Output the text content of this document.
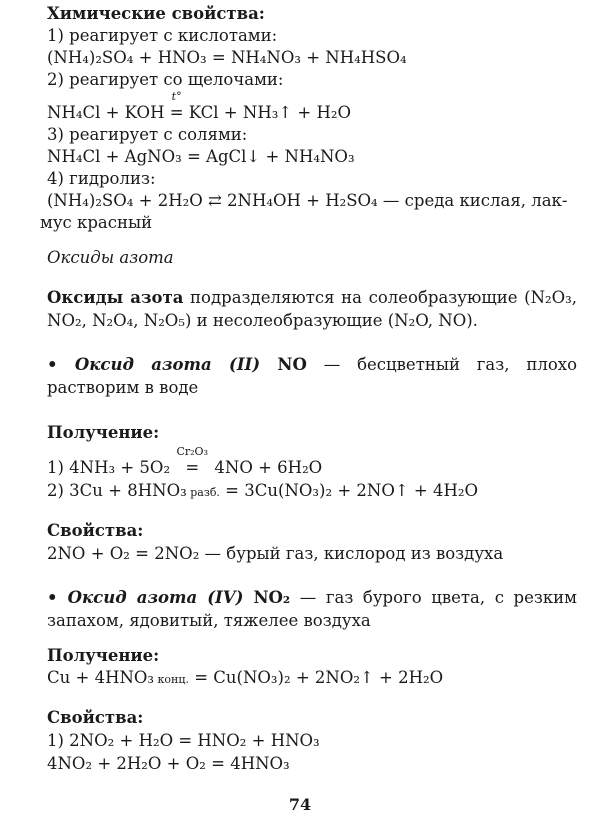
Химические свойства:
1) реагирует с кислотами:
(NH₄)₂SO₄ + HNO₃ = NH₄NO₃ + NH₄HSO₄
2) реагирует со щелочами:
NH₄Cl + KOH
t°
= KCl + NH₃↑ + H₂O
3) реагирует с солями:
NH₄Cl + AgNO₃ = AgCl↓ + NH₄NO₃
4) гидролиз:
(NH₄)₂SO₄ + 2H₂O ⇄ 2NH₄OH + H₂SO₄ — среда кислая, лак-
мус красный
Оксиды азота
Оксиды азота подразделяются на солеобразующие (N₂O₃, NO₂, N₂O₄, N₂O₅) и несолеобразующие (N₂O, NO).
• Оксид азота (II) NO — бесцветный газ, плохо растворим в воде
Получение:
1) 4NH₃ + 5O₂
Cr₂O₃
= 4NO + 6H₂O
2) 3Cu + 8HNO₃ разб. = 3Cu(NO₃)₂ + 2NO↑ + 4H₂O
Свойства:
2NO + O₂ = 2NO₂ — бурый газ, кислород из воздуха
• Оксид азота (IV) NO₂ — газ бурого цвета, с резким запахом, ядовитый, тяжелее воздуха
Получение:
Cu + 4HNO₃ конц. = Cu(NO₃)₂ + 2NO₂↑ + 2H₂O
Свойства:
1) 2NO₂ + H₂O = HNO₂ + HNO₃
4NO₂ + 2H₂O + O₂ = 4HNO₃
74
